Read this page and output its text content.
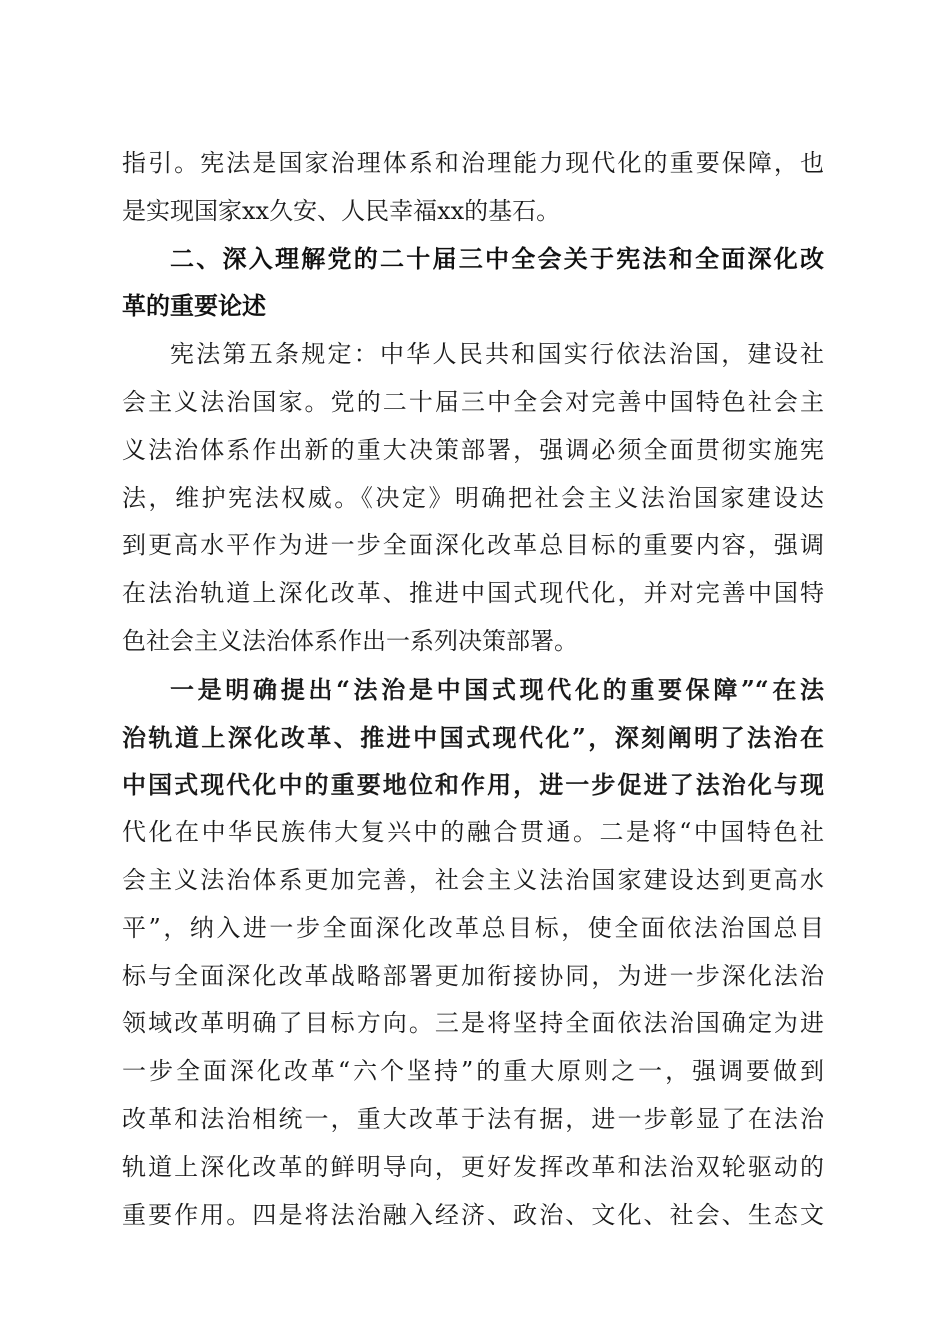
指引。宪法是国家治理体系和治理能力现代化的重要保障，也
是实现国家xx久安、人民幸福xx的基石。
二、深入理解党的二十届三中全会关于宪法和全面深化改
革的重要论述
宪法第五条规定：中华人民共和国实行依法治国，建设社
会主义法治国家。党的二十届三中全会对完善中国特色社会主
义法治体系作出新的重大决策部署，强调必须全面贯彻实施宪
法，维护宪法权威。《决定》明确把社会主义法治国家建设达
到更高水平作为进一步全面深化改革总目标的重要内容，强调
在法治轨道上深化改革、推进中国式现代化，并对完善中国特
色社会主义法治体系作出一系列决策部署。
一是明确提出“法治是中国式现代化的重要保障”“在法
治轨道上深化改革、推进中国式现代化”，深刻阐明了法治在
中国式现代化中的重要地位和作用，进一步促进了法治化与现
代化在中华民族伟大复兴中的融合贯通。二是将“中国特色社
会主义法治体系更加完善，社会主义法治国家建设达到更高水
平”，纳入进一步全面深化改革总目标，使全面依法治国总目
标与全面深化改革战略部署更加衔接协同，为进一步深化法治
领域改革明确了目标方向。三是将坚持全面依法治国确定为进
一步全面深化改革“六个坚持”的重大原则之一，强调要做到
改革和法治相统一，重大改革于法有据，进一步彰显了在法治
轨道上深化改革的鲜明导向，更好发挥改革和法治双轮驱动的
重要作用。四是将法治融入经济、政治、文化、社会、生态文
